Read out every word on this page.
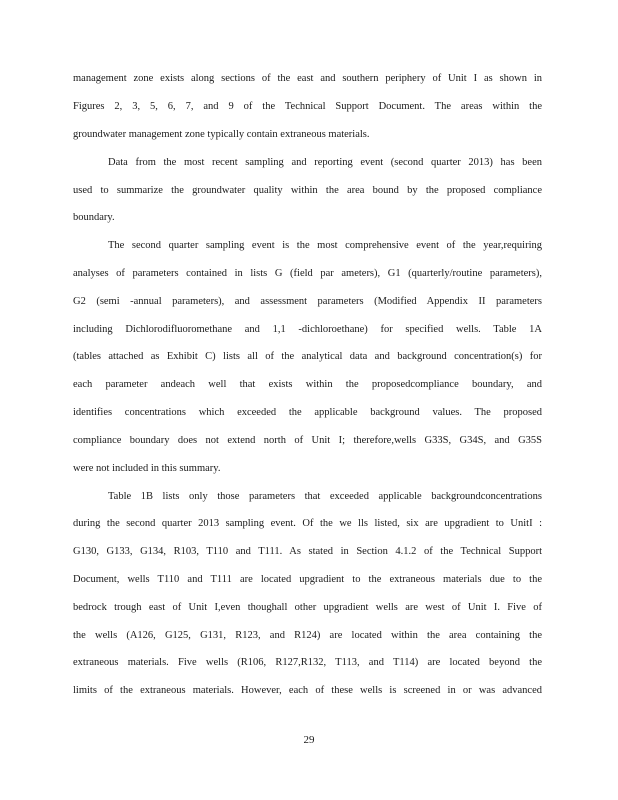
management zone exists along sections of the east and southern periphery of Unit I as shown in
Figures 2, 3, 5, 6, 7, and 9 of the Technical Support Document. The areas within the
groundwater management zone typically contain extraneous materials.
Data from the most recent sampling and reporting event (second quarter 2013) has been
used to summarize the groundwater quality within the area bound by the proposed compliance
boundary.
The second quarter sampling event is the most comprehensive event of the year,requiring
analyses of parameters contained in lists G (field par ameters), G1 (quarterly/routine parameters),
G2 (semi -annual parameters), and assessment parameters (Modified Appendix II parameters
including Dichlorodifluoromethane and 1,1 -dichloroethane) for specified wells. Table 1A
(tables attached as Exhibit C) lists all of the analytical data and background concentration(s) for
each parameter andeach well that exists within the proposedcompliance boundary, and
identifies concentrations which exceeded the applicable background values. The proposed
compliance boundary does not extend north of Unit I; therefore,wells G33S, G34S, and G35S
were not included in this summary.
Table 1B lists only those parameters that exceeded applicable backgroundconcentrations
during the second quarter 2013 sampling event. Of the we lls listed, six are upgradient to UnitI :
G130, G133, G134, R103, T110 and T111. As stated in Section 4.1.2 of the Technical Support
Document, wells T110 and T111 are located upgradient to the extraneous materials due to the
bedrock trough east of Unit I,even thoughall other upgradient wells are west of Unit I. Five of
the wells (A126, G125, G131, R123, and R124) are located within the area containing the
extraneous materials. Five wells (R106, R127,R132, T113, and T114) are located beyond the
limits of the extraneous materials. However, each of these wells is screened in or was advanced
29
